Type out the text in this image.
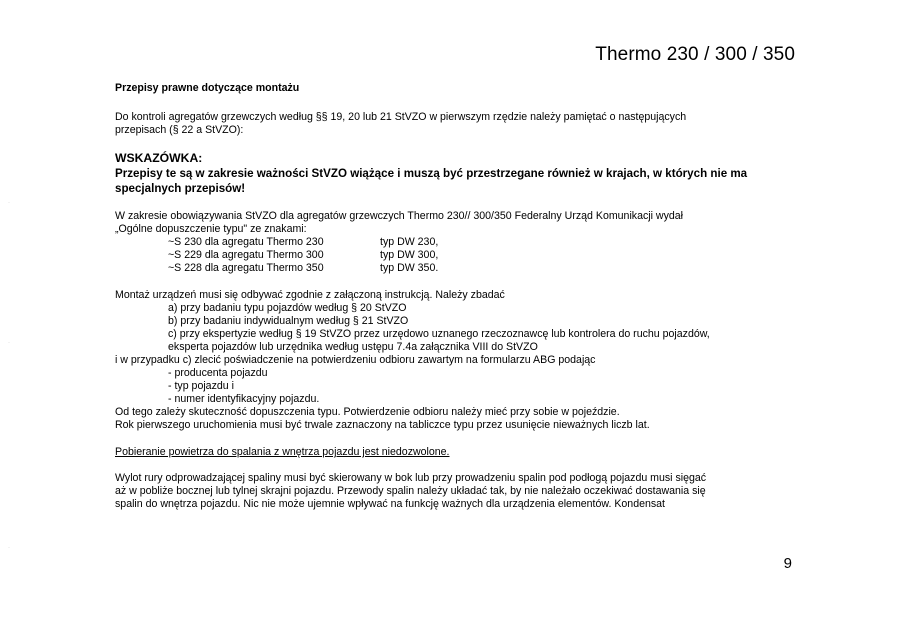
Thermo 230 / 300 / 350

Przepisy prawne dotyczące montażu

Do kontroli agregatów grzewczych według §§ 19, 20 lub 21 StVZO w pierwszym rzędzie należy pamiętać o następujących

przepisach (§ 22 a StVZO):

WSKAZÓWKA:

Przepisy te są w zakresie ważności StVZO wiążące i muszą być przestrzegane również w krajach, w których nie ma

specjalnych przepisów!

W zakresie obowiązywania StVZO dla agregatów grzewczych Thermo 230// 300/350 Federalny Urząd Komunikacji wydał

„Ogólne dopuszczenie typu" ze znakami:

~S 230 dla agregatu Thermo 230	typ DW 230,
~S 229 dla agregatu Thermo 300	typ DW 300,
~S 228 dla agregatu Thermo 350	typ DW 350.

Montaż urządzeń musi się odbywać zgodnie z załączoną instrukcją. Należy zbadać

a) przy badaniu typu pojazdów według § 20 StVZO

b) przy badaniu indywidualnym według § 21 StVZO

c) przy ekspertyzie według § 19 StVZO przez urzędowo uznanego rzeczoznawcę lub kontrolera do ruchu pojazdów,

eksperta pojazdów lub urzędnika według ustępu 7.4a załącznika VIII do StVZO

i w przypadku c) zlecić poświadczenie na potwierdzeniu odbioru zawartym na formularzu ABG podając

- producenta pojazdu

- typ pojazdu i

- numer identyfikacyjny pojazdu.

Od tego zależy skuteczność dopuszczenia typu. Potwierdzenie odbioru należy mieć przy sobie w pojeździe.

Rok pierwszego uruchomienia musi być trwale zaznaczony na tabliczce typu przez usunięcie nieważnych liczb lat.

Pobieranie powietrza do spalania z wnętrza pojazdu jest niedozwolone.

Wylot rury odprowadzającej spaliny musi być skierowany w bok lub przy prowadzeniu spalin pod podłogą pojazdu musi sięgać

aż w pobliże bocznej lub tylnej skrajni pojazdu. Przewody spalin należy układać tak, by nie należało oczekiwać dostawania się

spalin do wnętrza pojazdu. Nic nie może ujemnie wpływać na funkcję ważnych dla urządzenia elementów. Kondensat

9
·
·
·
